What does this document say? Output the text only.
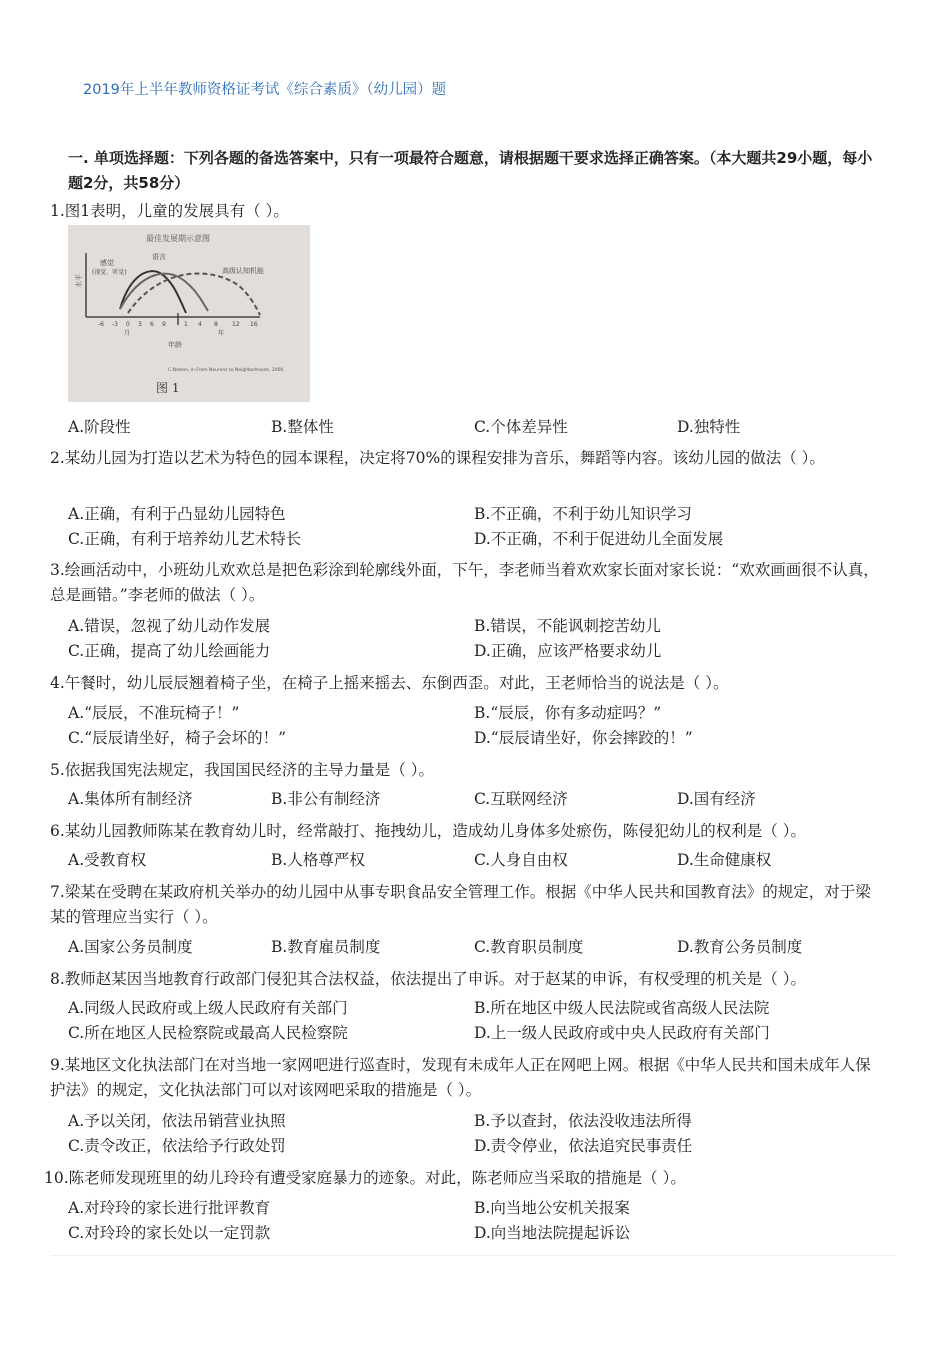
2019年上半年教师资格证考试《综合素质》（幼儿园）题
一. 单项选择题：下列各题的备选答案中，只有一项最符合题意，请根据题干要求选择正确答案。（本大题共29小题，每小题2分，共58分）
1.图1表明，儿童的发展具有（ ）。
最佳发展期示意图
水平
感觉
(视觉、听觉)
语言
高级认知机能
-6 -3 0 3 6 9	1 4 8 12 16
月	年
年龄
C.Nelson, in From Neurons to Neighborhoods, 2000
图 1
A.阶段性	B.整体性	C.个体差异性	D.独特性
2.某幼儿园为打造以艺术为特色的园本课程，决定将70%的课程安排为音乐，舞蹈等内容。该幼儿园的做法（ ）。
A.正确，有利于凸显幼儿园特色	B.不正确，不利于幼儿知识学习
C.正确，有利于培养幼儿艺术特长	D.不正确，不利于促进幼儿全面发展
3.绘画活动中，小班幼儿欢欢总是把色彩涂到轮廓线外面，下午，李老师当着欢欢家长面对家长说：“欢欢画画很不认真，总是画错。”李老师的做法（ ）。
A.错误，忽视了幼儿动作发展	B.错误，不能讽刺挖苦幼儿
C.正确，提高了幼儿绘画能力	D.正确，应该严格要求幼儿
4.午餐时，幼儿辰辰翘着椅子坐，在椅子上摇来摇去、东倒西歪。对此，王老师恰当的说法是（ ）。
A.“辰辰，不准玩椅子！”	B.“辰辰，你有多动症吗？”
C.“辰辰请坐好，椅子会坏的！”	D.“辰辰请坐好，你会摔跤的！”
5.依据我国宪法规定，我国国民经济的主导力量是（ ）。
A.集体所有制经济	B.非公有制经济	C.互联网经济	D.国有经济
6.某幼儿园教师陈某在教育幼儿时，经常敲打、拖拽幼儿，造成幼儿身体多处瘀伤，陈侵犯幼儿的权利是（ ）。
A.受教育权	B.人格尊严权	C.人身自由权	D.生命健康权
7.梁某在受聘在某政府机关举办的幼儿园中从事专职食品安全管理工作。根据《中华人民共和国教育法》的规定，对于梁某的管理应当实行（ ）。
A.国家公务员制度	B.教育雇员制度	C.教育职员制度	D.教育公务员制度
8.教师赵某因当地教育行政部门侵犯其合法权益，依法提出了申诉。对于赵某的申诉，有权受理的机关是（ ）。
A.同级人民政府或上级人民政府有关部门	B.所在地区中级人民法院或省高级人民法院
C.所在地区人民检察院或最高人民检察院	D.上一级人民政府或中央人民政府有关部门
9.某地区文化执法部门在对当地一家网吧进行巡查时，发现有未成年人正在网吧上网。根据《中华人民共和国未成年人保护法》的规定，文化执法部门可以对该网吧采取的措施是（ ）。
A.予以关闭，依法吊销营业执照	B.予以查封，依法没收违法所得
C.责令改正，依法给予行政处罚	D.责令停业，依法追究民事责任
10.陈老师发现班里的幼儿玲玲有遭受家庭暴力的迹象。对此，陈老师应当采取的措施是（ ）。
A.对玲玲的家长进行批评教育	B.向当地公安机关报案
C.对玲玲的家长处以一定罚款	D.向当地法院提起诉讼
